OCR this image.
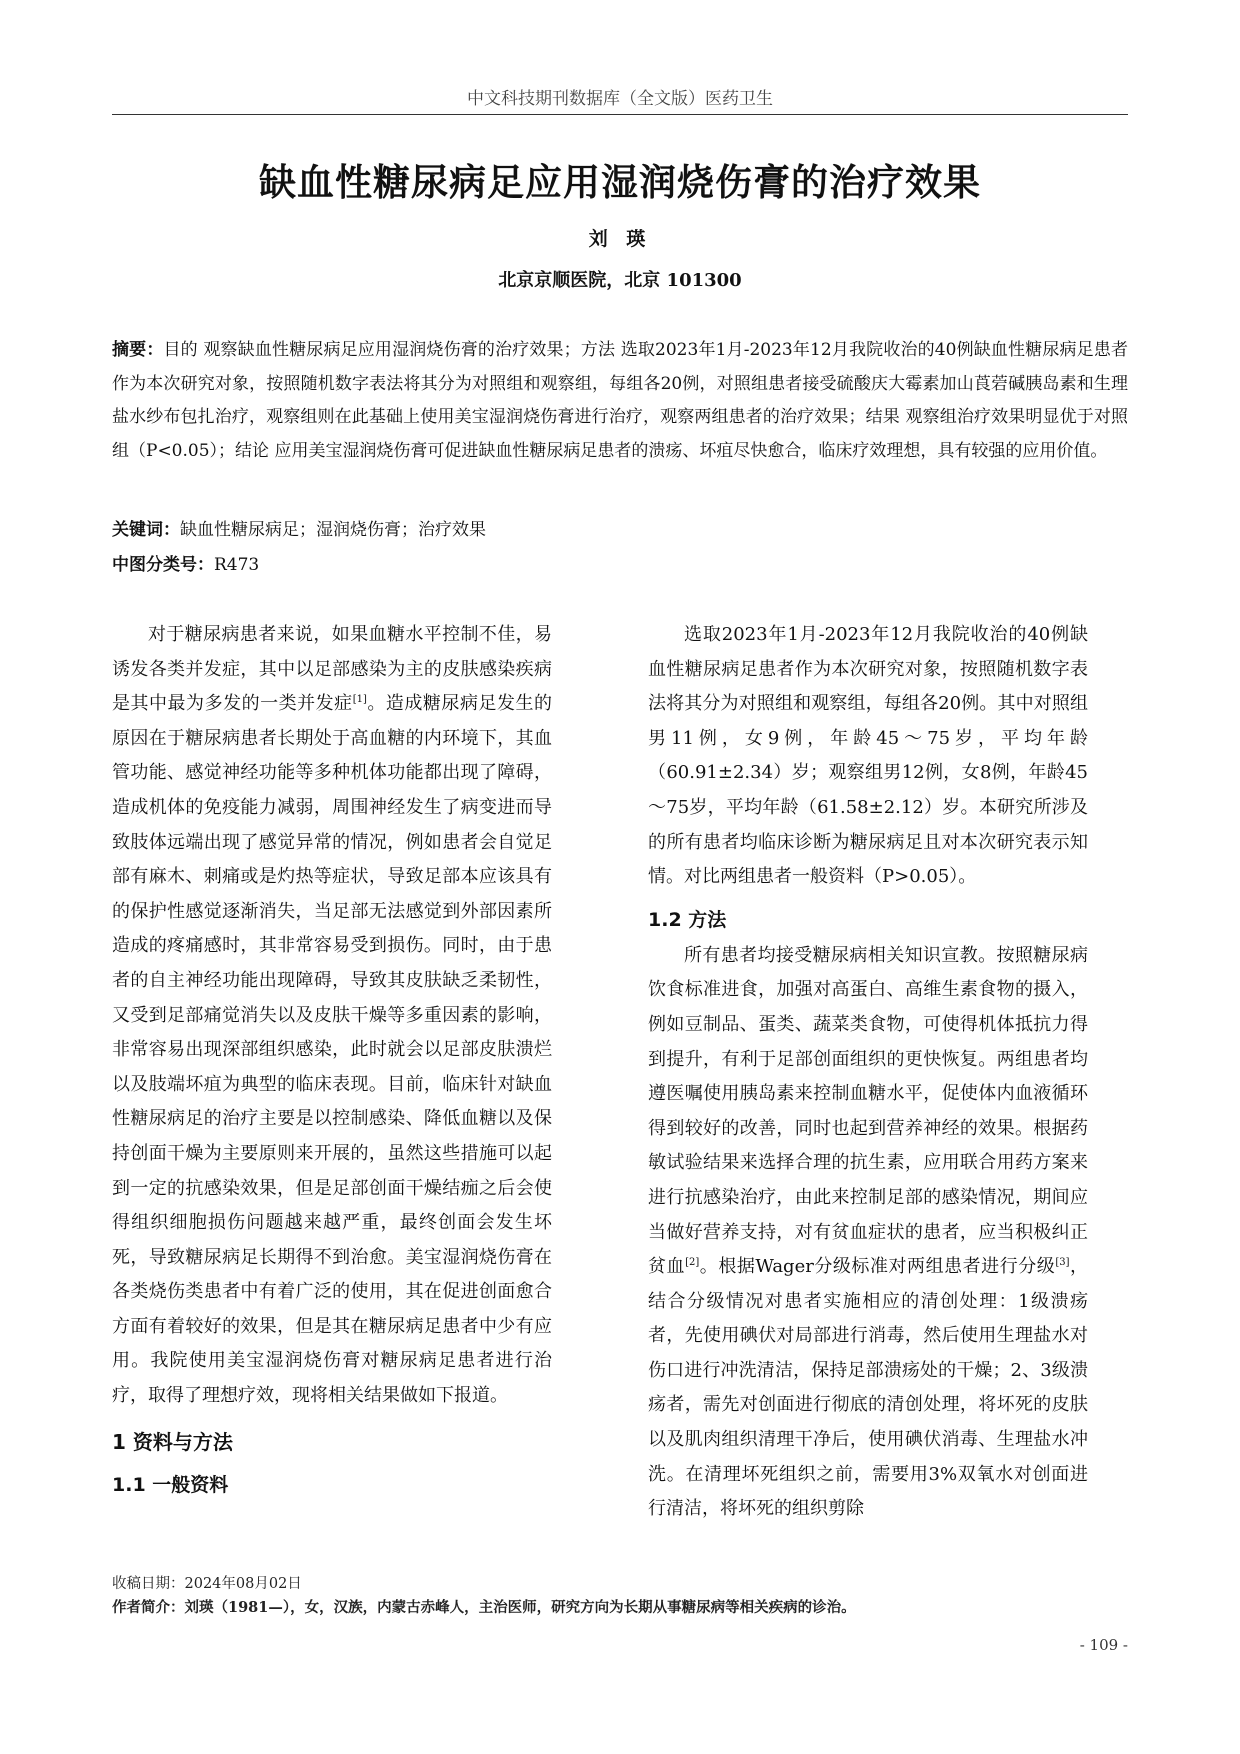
中文科技期刊数据库（全文版）医药卫生
缺血性糖尿病足应用湿润烧伤膏的治疗效果
刘 瑛
北京京顺医院，北京 101300
摘要：目的 观察缺血性糖尿病足应用湿润烧伤膏的治疗效果；方法 选取2023年1月-2023年12月我院收治的40例缺血性糖尿病足患者作为本次研究对象，按照随机数字表法将其分为对照组和观察组，每组各20例，对照组患者接受硫酸庆大霉素加山莨菪碱胰岛素和生理盐水纱布包扎治疗，观察组则在此基础上使用美宝湿润烧伤膏进行治疗，观察两组患者的治疗效果；结果 观察组治疗效果明显优于对照组（P<0.05）；结论 应用美宝湿润烧伤膏可促进缺血性糖尿病足患者的溃疡、坏疽尽快愈合，临床疗效理想，具有较强的应用价值。
关键词：缺血性糖尿病足；湿润烧伤膏；治疗效果
中图分类号：R473

对于糖尿病患者来说，如果血糖水平控制不佳，易诱发各类并发症，其中以足部感染为主的皮肤感染疾病是其中最为多发的一类并发症[1]。造成糖尿病足发生的原因在于糖尿病患者长期处于高血糖的内环境下，其血管功能、感觉神经功能等多种机体功能都出现了障碍，造成机体的免疫能力减弱，周围神经发生了病变进而导致肢体远端出现了感觉异常的情况，例如患者会自觉足部有麻木、刺痛或是灼热等症状，导致足部本应该具有的保护性感觉逐渐消失，当足部无法感觉到外部因素所造成的疼痛感时，其非常容易受到损伤。同时，由于患者的自主神经功能出现障碍，导致其皮肤缺乏柔韧性，又受到足部痛觉消失以及皮肤干燥等多重因素的影响，非常容易出现深部组织感染，此时就会以足部皮肤溃烂以及肢端坏疽为典型的临床表现。目前，临床针对缺血性糖尿病足的治疗主要是以控制感染、降低血糖以及保持创面干燥为主要原则来开展的，虽然这些措施可以起到一定的抗感染效果，但是足部创面干燥结痂之后会使得组织细胞损伤问题越来越严重，最终创面会发生坏死，导致糖尿病足长期得不到治愈。美宝湿润烧伤膏在各类烧伤类患者中有着广泛的使用，其在促进创面愈合方面有着较好的效果，但是其在糖尿病足患者中少有应用。我院使用美宝湿润烧伤膏对糖尿病足患者进行治疗，取得了理想疗效，现将相关结果做如下报道。

1 资料与方法
1.1 一般资料

选取2023年1月-2023年12月我院收治的40例缺血性糖尿病足患者作为本次研究对象，按照随机数字表法将其分为对照组和观察组，每组各20例。其中对照组男11例，女9例，年龄45～75岁，平均年龄（60.91±2.34）岁；观察组男12例，女8例，年龄45～75岁，平均年龄（61.58±2.12）岁。本研究所涉及的所有患者均临床诊断为糖尿病足且对本次研究表示知情。对比两组患者一般资料（P>0.05）。

1.2 方法

所有患者均接受糖尿病相关知识宣教。按照糖尿病饮食标准进食，加强对高蛋白、高维生素食物的摄入，例如豆制品、蛋类、蔬菜类食物，可使得机体抵抗力得到提升，有利于足部创面组织的更快恢复。两组患者均遵医嘱使用胰岛素来控制血糖水平，促使体内血液循环得到较好的改善，同时也起到营养神经的效果。根据药敏试验结果来选择合理的抗生素，应用联合用药方案来进行抗感染治疗，由此来控制足部的感染情况，期间应当做好营养支持，对有贫血症状的患者，应当积极纠正贫血[2]。根据Wager分级标准对两组患者进行分级[3]，结合分级情况对患者实施相应的清创处理：1级溃疡者，先使用碘伏对局部进行消毒，然后使用生理盐水对伤口进行冲洗清洁，保持足部溃疡处的干燥；2、3级溃疡者，需先对创面进行彻底的清创处理，将坏死的皮肤以及肌肉组织清理干净后，使用碘伏消毒、生理盐水冲洗。在清理坏死组织之前，需要用3%双氧水对创面进行清洁，将坏死的组织剪除

收稿日期：2024年08月02日
作者简介：刘瑛（1981—），女，汉族，内蒙古赤峰人，主治医师，研究方向为长期从事糖尿病等相关疾病的诊治。
- 109 -
